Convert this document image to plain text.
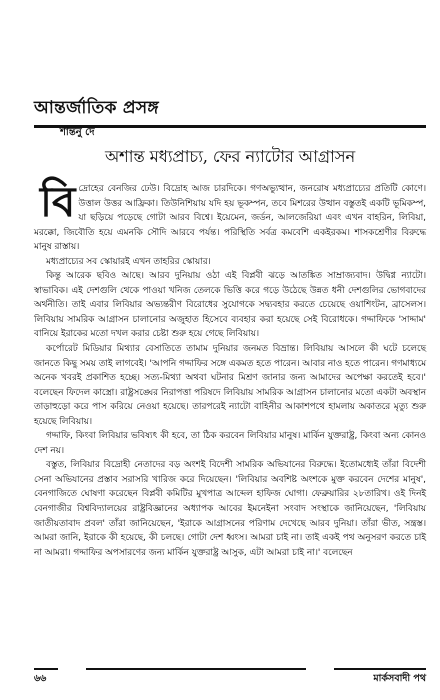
আন্তর্জাতিক প্রসঙ্গ
শান্তনু দে
অশান্ত মধ্যপ্রাচ্য, ফের ন্যাটোর আগ্রাসন

বিদ্রোহের বেনজির ঢেউ। বিদ্রোহ আজ চারদিকে। গণঅভ্যুত্থান, জনরোষ মধ্যপ্রাচ্যের প্রতিটি কোণে। উত্তাল উত্তর আফ্রিকা। তিউনিশিয়ায় যদি হয় ভূকম্পন, তবে মিশরের উত্থান বস্তুতই একটি ভূমিকম্প, যা ছড়িয়ে পড়েছে গোটা আরব বিশ্বে। ইয়েমেন, জর্ডন, আলজেরিয়া এবং এখন বাহরিন, লিবিয়া, মরক্কো, জিবৌতি হয়ে এমনকি সৌদি আরবে পর্যন্ত। পরিস্থিতি সর্বত্র কমবেশি একইরকম। শাসকশ্রেণীর বিরুদ্ধে মানুষ রাস্তায়।

মধ্যপ্রাচ্যের সব স্কোয়ারই এখন তাহরির স্কোয়ার।

কিন্তু আরেক ছবিও আছে। আরব দুনিয়ায় ওঠা এই বিপ্লবী ঝড়ে আতঙ্কিত সাম্রাজ্যবাদ। উদ্বিগ্ন ন্যাটো। স্বাভাবিক। এই দেশগুলি থেকে পাওয়া খনিজ তেলকে ভিত্তি করে গড়ে উঠেছে উন্নত ধনী দেশগুলির ভোগবাদের অর্থনীতি। তাই এবার লিবিয়ার অভ্যন্তরীণ বিরোধের সুযোগকে সদ্ব্যবহার করতে চেয়েছে ওয়াশিংটন, ব্রাসেলস। লিবিয়ায় সামরিক আগ্রাসন চালানোর অজুহাত হিসেবে ব্যবহার করা হয়েছে সেই বিরোধকে। গদ্দাফিকে 'সাদ্দাম' বানিয়ে ইরাকের মতো দখল করার চেষ্টা শুরু হয়ে গেছে লিবিয়ায়।

কর্পোরেট মিডিয়ার মিথ্যার বেসাতিতে তামাম দুনিয়ার জনমত বিভ্রান্ত। লিবিয়ায় আসলে কী ঘটে চলেছে জানতে কিছু সময় তাই লাগবেই। 'আপনি গদ্দাফির সঙ্গে একমত হতে পারেন। আবার নাও হতে পারেন। গণমাধ্যমে অনেক খবরই প্রকাশিত হচ্ছে। সত্য-মিথ্যা অথবা ঘটনার মিশ্রণ জানার জন্য আমাদের অপেক্ষা করতেই হবে।' বলেছেন ফিদেল কাস্ত্রো। রাষ্ট্রসঙ্ঘের নিরাপত্তা পরিষদে লিবিয়ায় সামরিক আগ্রাসন চালানোর মতো একটা অবস্থান তাড়াহুড়ো করে পাস করিয়ে নেওয়া হয়েছে। তারপরেই ন্যাটো বাহিনীর আকাশপথে হামলায় অকাতরে মৃত্যু শুরু হয়েছে লিবিয়ায়।

গদ্দাফি, কিংবা লিবিয়ার ভবিষ্যৎ কী হবে, তা ঠিক করবেন লিবিয়ার মানুষ। মার্কিন যুক্তরাষ্ট্র, কিংবা অন্য কোনও দেশ নয়।

বস্তুত, লিবিয়ার বিদ্রোহী নেতাদের বড় অংশই বিদেশী সামরিক অভিযানের বিরুদ্ধে। ইতোমধ্যেই তাঁরা বিদেশী সেনা অভিযানের প্রস্তাব সরাসরি খারিজ করে দিয়েছেন। 'লিবিয়ার অবশিষ্ট অংশকে মুক্ত করবেন দেশের মানুষ', বেনগাজিতে ঘোষণা করেছেন বিপ্লবী কমিটির মুখপাত্র আব্দেল হাফিজ ঘোগা। ফেব্রুয়ারির ২৮তারিখ। ওই দিনই বেনগাজীর বিশ্ববিদ্যালয়ের রাষ্ট্রবিজ্ঞানের অধ্যাপক আবের ইমনেইনা সংবাদ সংস্থাকে জানিয়েছেন, 'লিবিয়ায় জাতীয়তাবাদ প্রবল' তাঁরা জানিয়েছেন, 'ইরাকে আগ্রাসনের পরিণাম দেখেছে আরব দুনিয়া। তাঁরা ভীত, সন্ত্রস্ত। আমরা জানি, ইরাকে কী হয়েছে, কী চলছে। গোটা দেশ ধ্বংস। আমরা চাই না। তাই একই পথ অনুসরণ করতে চাই না আমরা। গদ্দাফির অপসারণের জন্য মার্কিন যুক্তরাষ্ট্র আসুক, এটা আমরা চাই না।' বলেছেন

৬৬	মার্কসবাদী পথ
